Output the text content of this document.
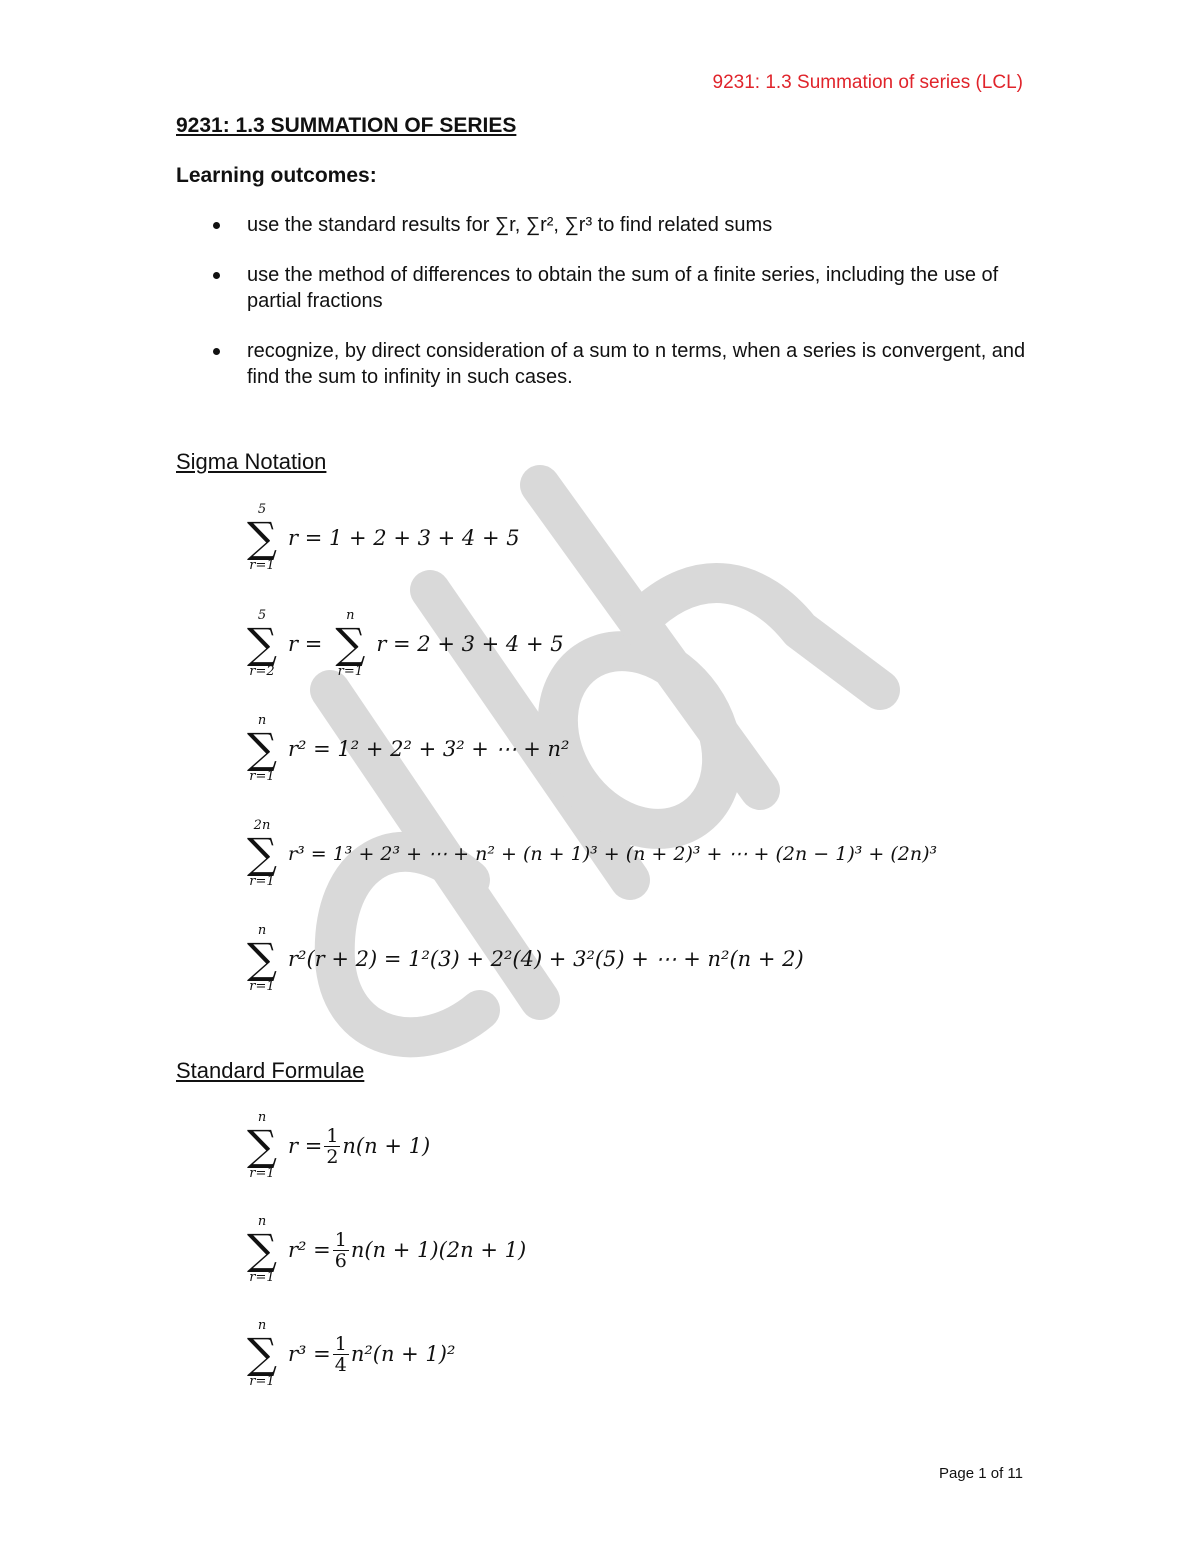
9231: 1.3 Summation of series (LCL)
9231: 1.3 SUMMATION OF SERIES
Learning outcomes:
use the standard results for ∑r, ∑r², ∑r³ to find related sums
use the method of differences to obtain the sum of a finite series, including the use of partial fractions
recognize, by direct consideration of a sum to n terms, when a series is convergent, and find the sum to infinity in such cases.
Sigma Notation
5
∑
r=1
r = 1 + 2 + 3 + 4 + 5
5
∑
r=2
r =
n
∑
r=1
r = 2 + 3 + 4 + 5
n
∑
r=1
r² = 1² + 2² + 3² + ⋯ + n²
2n
∑
r=1
r³ = 1³ + 2³ + ⋯ + n² + (n + 1)³ + (n + 2)³ + ⋯ + (2n − 1)³ + (2n)³
n
∑
r=1
r²(r + 2) = 1²(3) + 2²(4) + 3²(5) + ⋯ + n²(n + 2)
Standard Formulae
n
∑
r=1
$r = \frac{1}{2} n(n + 1)$
n
∑
r=1
$r^2 = \frac{1}{6} n(n + 1)(2n + 1)$
n
∑
r=1
$r^3 = \frac{1}{4} n^2(n + 1)^2$
Page 1 of 11
